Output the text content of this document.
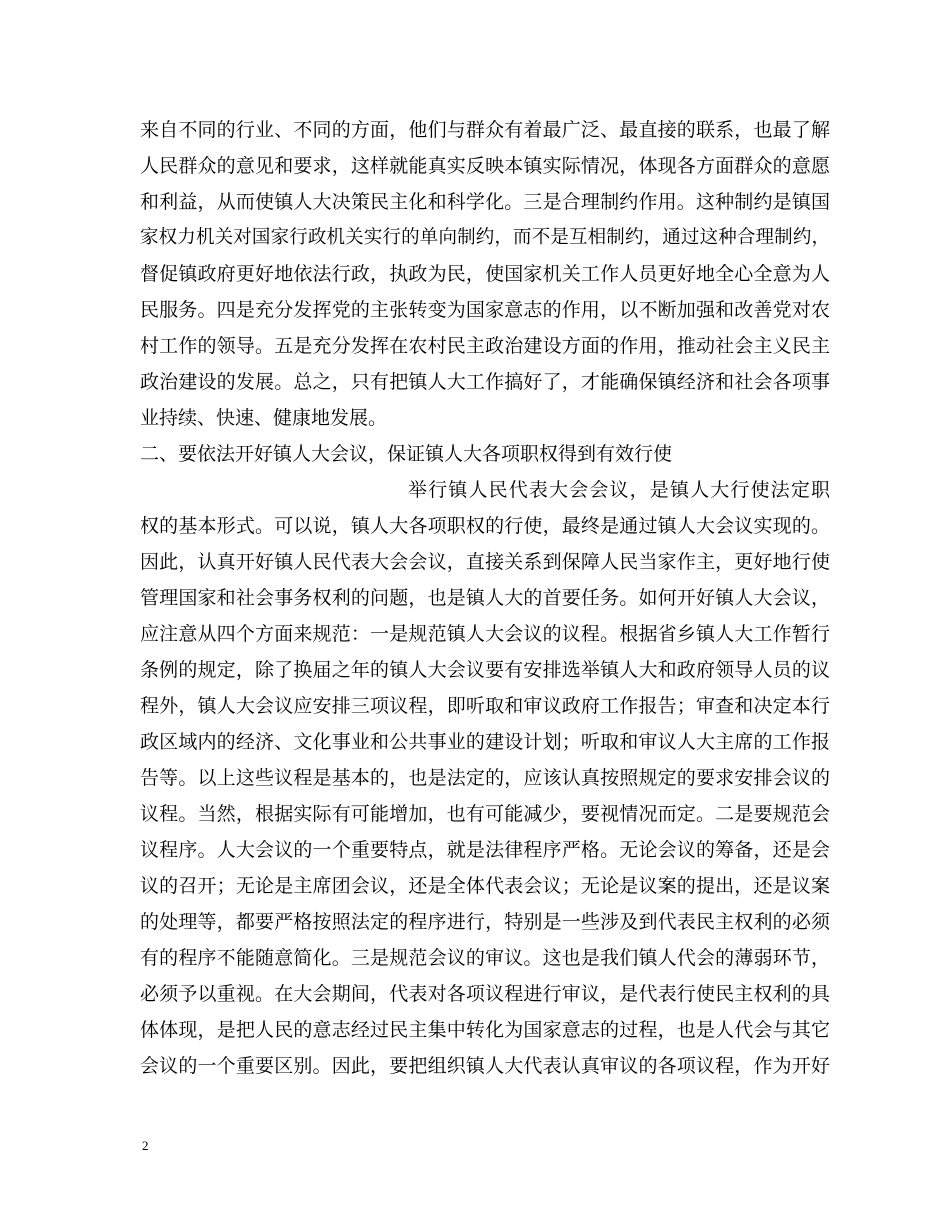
来自不同的行业、不同的方面，他们与群众有着最广泛、最直接的联系，也最了解
人民群众的意见和要求，这样就能真实反映本镇实际情况，体现各方面群众的意愿
和利益，从而使镇人大决策民主化和科学化。三是合理制约作用。这种制约是镇国
家权力机关对国家行政机关实行的单向制约，而不是互相制约，通过这种合理制约，
督促镇政府更好地依法行政，执政为民，使国家机关工作人员更好地全心全意为人
民服务。四是充分发挥党的主张转变为国家意志的作用，以不断加强和改善党对农
村工作的领导。五是充分发挥在农村民主政治建设方面的作用，推动社会主义民主
政治建设的发展。总之，只有把镇人大工作搞好了，才能确保镇经济和社会各项事
业持续、快速、健康地发展。
二、要依法开好镇人大会议，保证镇人大各项职权得到有效行使
举行镇人民代表大会会议，是镇人大行使法定职
权的基本形式。可以说，镇人大各项职权的行使，最终是通过镇人大会议实现的。
因此，认真开好镇人民代表大会会议，直接关系到保障人民当家作主，更好地行使
管理国家和社会事务权利的问题，也是镇人大的首要任务。如何开好镇人大会议，
应注意从四个方面来规范：一是规范镇人大会议的议程。根据省乡镇人大工作暂行
条例的规定，除了换届之年的镇人大会议要有安排选举镇人大和政府领导人员的议
程外，镇人大会议应安排三项议程，即听取和审议政府工作报告；审查和决定本行
政区域内的经济、文化事业和公共事业的建设计划；听取和审议人大主席的工作报
告等。以上这些议程是基本的，也是法定的，应该认真按照规定的要求安排会议的
议程。当然，根据实际有可能增加，也有可能减少，要视情况而定。二是要规范会
议程序。人大会议的一个重要特点，就是法律程序严格。无论会议的筹备，还是会
议的召开；无论是主席团会议，还是全体代表会议；无论是议案的提出，还是议案
的处理等，都要严格按照法定的程序进行，特别是一些涉及到代表民主权利的必须
有的程序不能随意简化。三是规范会议的审议。这也是我们镇人代会的薄弱环节，
必须予以重视。在大会期间，代表对各项议程进行审议，是代表行使民主权利的具
体体现，是把人民的意志经过民主集中转化为国家意志的过程，也是人代会与其它
会议的一个重要区别。因此，要把组织镇人大代表认真审议的各项议程，作为开好
2
